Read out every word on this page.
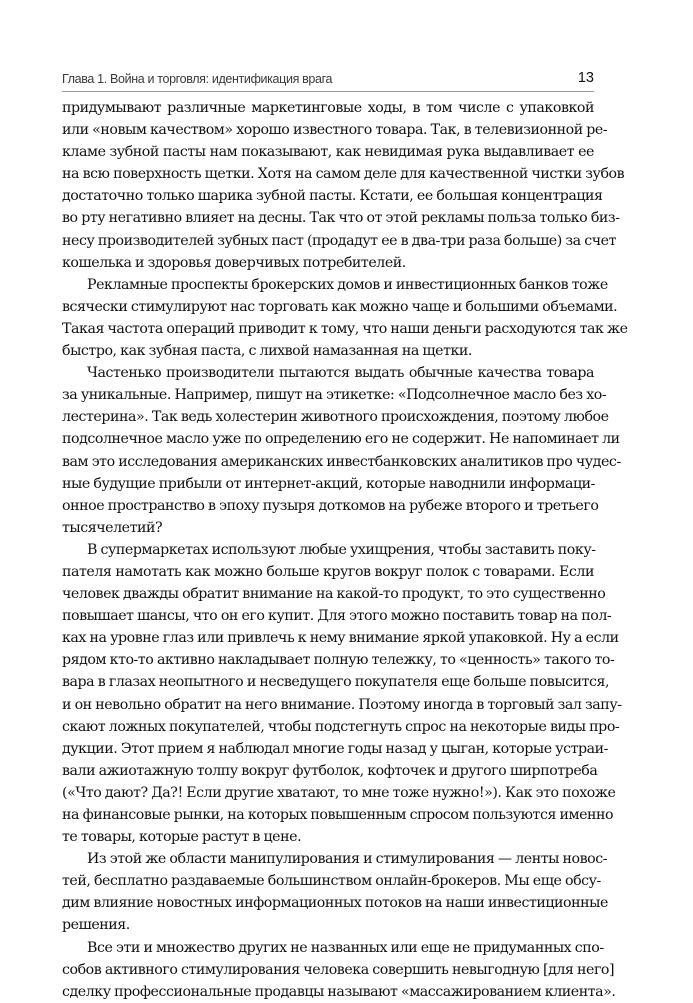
Глава 1. Война и торговля: идентификация врага	13

придумывают различные маркетинговые ходы, в том числе с упаковкой
или «новым качеством» хорошо известного товара. Так, в телевизионной ре-
кламе зубной пасты нам показывают, как невидимая рука выдавливает ее
на всю поверхность щетки. Хотя на самом деле для качественной чистки зубов
достаточно только шарика зубной пасты. Кстати, ее большая концентрация
во рту негативно влияет на десны. Так что от этой рекламы польза только биз-
несу производителей зубных паст (продадут ее в два-три раза больше) за счет
кошелька и здоровья доверчивых потребителей.

Рекламные проспекты брокерских домов и инвестиционных банков тоже
всячески стимулируют нас торговать как можно чаще и большими объемами.
Такая частота операций приводит к тому, что наши деньги расходуются так же
быстро, как зубная паста, с лихвой намазанная на щетки.

Частенько производители пытаются выдать обычные качества товара
за уникальные. Например, пишут на этикетке: «Подсолнечное масло без хо-
лестерина». Так ведь холестерин животного происхождения, поэтому любое
подсолнечное масло уже по определению его не содержит. Не напоминает ли
вам это исследования американских инвестбанковских аналитиков про чудес-
ные будущие прибыли от интернет-акций, которые наводнили информаци-
онное пространство в эпоху пузыря доткомов на рубеже второго и третьего
тысячелетий?

В супермаркетах используют любые ухищрения, чтобы заставить поку-
пателя намотать как можно больше кругов вокруг полок с товарами. Если
человек дважды обратит внимание на какой-то продукт, то это существенно
повышает шансы, что он его купит. Для этого можно поставить товар на пол-
ках на уровне глаз или привлечь к нему внимание яркой упаковкой. Ну а если
рядом кто-то активно накладывает полную тележку, то «ценность» такого то-
вара в глазах неопытного и несведущего покупателя еще больше повысится,
и он невольно обратит на него внимание. Поэтому иногда в торговый зал запу-
скают ложных покупателей, чтобы подстегнуть спрос на некоторые виды про-
дукции. Этот прием я наблюдал многие годы назад у цыган, которые устраи-
вали ажиотажную толпу вокруг футболок, кофточек и другого ширпотреба
(«Что дают? Да?! Если другие хватают, то мне тоже нужно!»). Как это похоже
на финансовые рынки, на которых повышенным спросом пользуются именно
те товары, которые растут в цене.

Из этой же области манипулирования и стимулирования — ленты новос-
тей, бесплатно раздаваемые большинством онлайн-брокеров. Мы еще обсу-
дим влияние новостных информационных потоков на наши инвестиционные
решения.

Все эти и множество других не названных или еще не придуманных спо-
собов активного стимулирования человека совершить невыгодную [для него]
сделку профессиональные продавцы называют «массажированием клиента».
